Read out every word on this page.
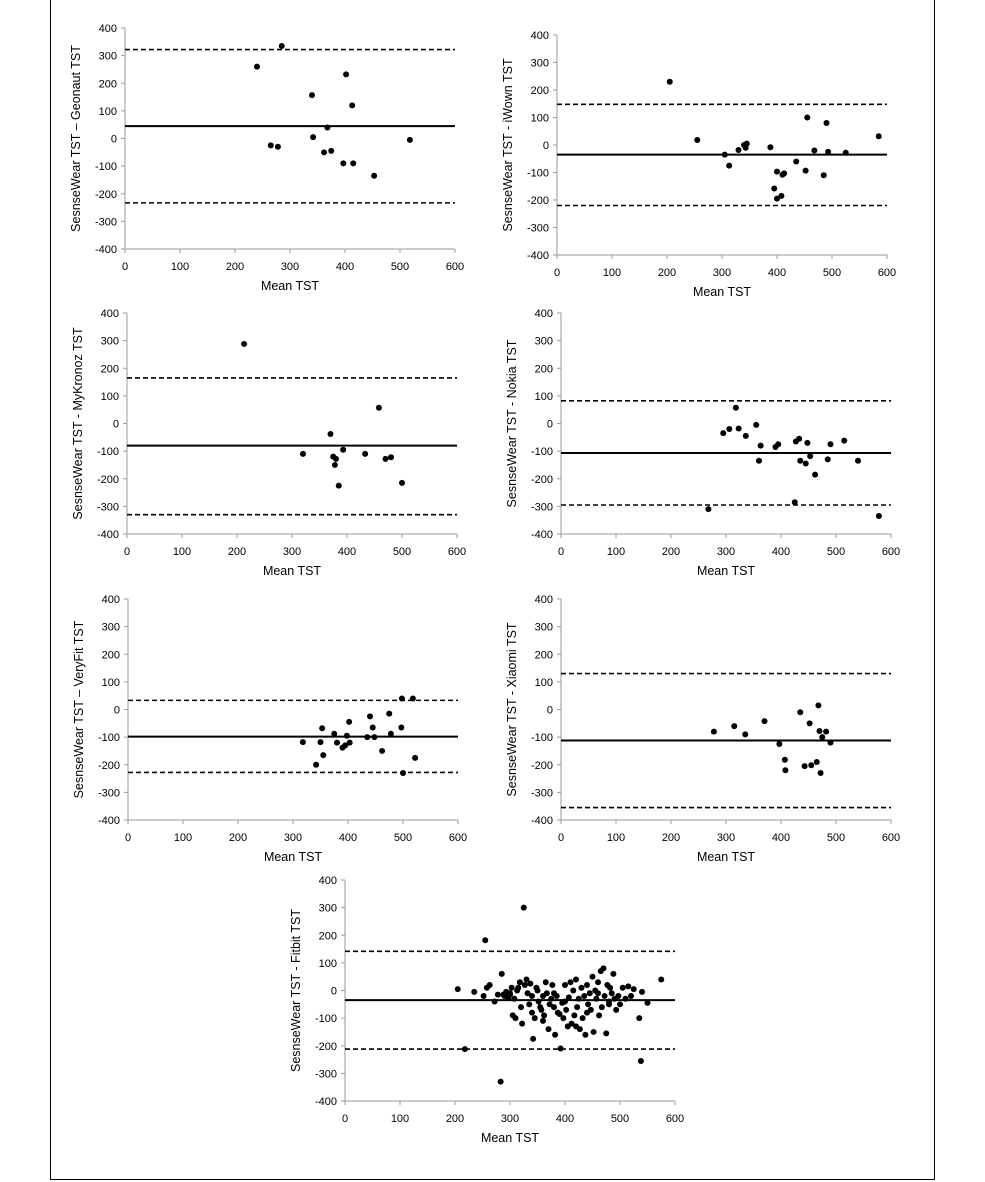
400
300
200
100
0
-100
-200
-300
-400
0	100	200	300	400	500	600
Mean TST
SesnseWear TST – Geonaut TST
400
300
200
100
0
-100
-200
-300
-400
0	100	200	300	400	500	600
Mean TST
SesnseWear TST - iWown TST
400
300
200
100
0
-100
-200
-300
-400
0	100	200	300	400	500	600
Mean TST
SesnseWear TST - MyKronoz TST
400
300
200
100
0
-100
-200
-300
-400
0	100	200	300	400	500	600
Mean TST
SesnseWear TST - Nokia TST
400
300
200
100
0
-100
-200
-300
-400
0	100	200	300	400	500	600
Mean TST
SesnseWear TST – VeryFit TST
400
300
200
100
0
-100
-200
-300
-400
0	100	200	300	400	500	600
Mean TST
SesnseWear TST - Xiaomi TST
400
300
200
100
0
-100
-200
-300
-400
0	100	200	300	400	500	600
Mean TST
SesnseWear TST - Fitbit TST
